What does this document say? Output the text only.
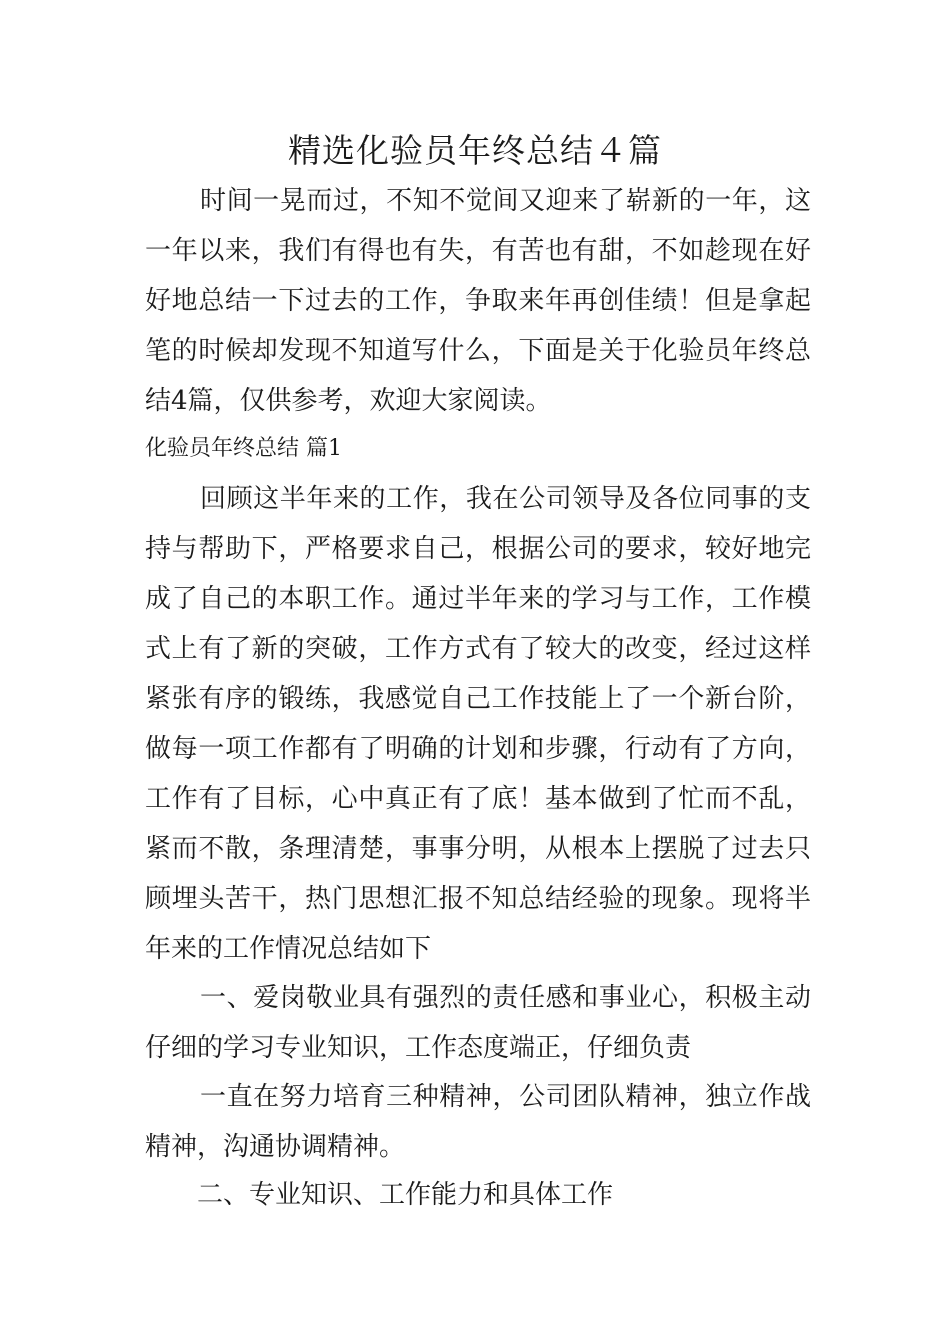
精选化验员年终总结４篇

时间一晃而过，不知不觉间又迎来了崭新的一年，这一年以来，我们有得也有失，有苦也有甜，不如趁现在好好地总结一下过去的工作，争取来年再创佳绩！但是拿起笔的时候却发现不知道写什么，下面是关于化验员年终总结4篇，仅供参考，欢迎大家阅读。

化验员年终总结 篇1

回顾这半年来的工作，我在公司领导及各位同事的支持与帮助下，严格要求自己，根据公司的要求，较好地完成了自己的本职工作。通过半年来的学习与工作，工作模式上有了新的突破，工作方式有了较大的改变，经过这样紧张有序的锻练，我感觉自己工作技能上了一个新台阶，做每一项工作都有了明确的计划和步骤，行动有了方向，工作有了目标，心中真正有了底！基本做到了忙而不乱，紧而不散，条理清楚，事事分明，从根本上摆脱了过去只顾埋头苦干，热门思想汇报不知总结经验的现象。现将半年来的工作情况总结如下

一、爱岗敬业具有强烈的责任感和事业心，积极主动仔细的学习专业知识，工作态度端正，仔细负责

一直在努力培育三种精神，公司团队精神，独立作战精神，沟通协调精神。

二、专业知识、工作能力和具体工作
